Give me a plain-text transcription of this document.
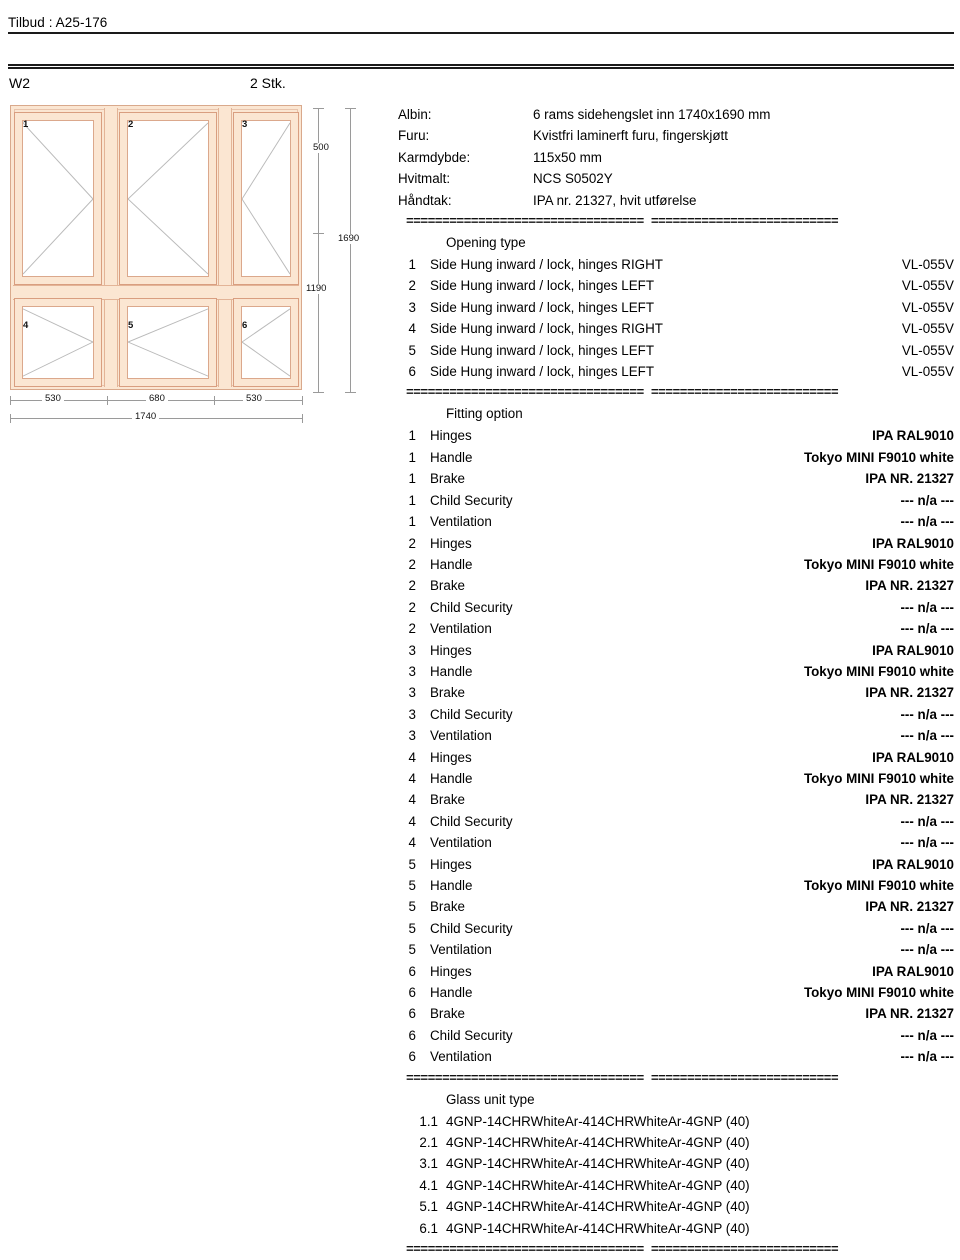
Tilbud : A25-176
W2	2 Stk.
1	2	3
4	5	6
530	680	530
1740
500
1190
1690
Albin:	6 rams sidehengslet inn 1740x1690 mm
Furu:	Kvistfri laminerft furu, fingerskjøtt
Karmdybde:	115x50 mm
Hvitmalt:	NCS S0502Y
Håndtak:	IPA nr. 21327, hvit utførelse
================================= ==========================
Opening type
1	Side Hung inward / lock, hinges RIGHT	VL-055V
2	Side Hung inward / lock, hinges LEFT	VL-055V
3	Side Hung inward / lock, hinges LEFT	VL-055V
4	Side Hung inward / lock, hinges RIGHT	VL-055V
5	Side Hung inward / lock, hinges LEFT	VL-055V
6	Side Hung inward / lock, hinges LEFT	VL-055V
================================= ==========================
Fitting option
1	Hinges	IPA RAL9010
1	Handle	Tokyo MINI F9010 white
1	Brake	IPA NR. 21327
1	Child Security	--- n/a ---
1	Ventilation	--- n/a ---
2	Hinges	IPA RAL9010
2	Handle	Tokyo MINI F9010 white
2	Brake	IPA NR. 21327
2	Child Security	--- n/a ---
2	Ventilation	--- n/a ---
3	Hinges	IPA RAL9010
3	Handle	Tokyo MINI F9010 white
3	Brake	IPA NR. 21327
3	Child Security	--- n/a ---
3	Ventilation	--- n/a ---
4	Hinges	IPA RAL9010
4	Handle	Tokyo MINI F9010 white
4	Brake	IPA NR. 21327
4	Child Security	--- n/a ---
4	Ventilation	--- n/a ---
5	Hinges	IPA RAL9010
5	Handle	Tokyo MINI F9010 white
5	Brake	IPA NR. 21327
5	Child Security	--- n/a ---
5	Ventilation	--- n/a ---
6	Hinges	IPA RAL9010
6	Handle	Tokyo MINI F9010 white
6	Brake	IPA NR. 21327
6	Child Security	--- n/a ---
6	Ventilation	--- n/a ---
================================= ==========================
Glass unit type
1.1 4GNP-14CHRWhiteAr-414CHRWhiteAr-4GNP (40)
2.1 4GNP-14CHRWhiteAr-414CHRWhiteAr-4GNP (40)
3.1 4GNP-14CHRWhiteAr-414CHRWhiteAr-4GNP (40)
4.1 4GNP-14CHRWhiteAr-414CHRWhiteAr-4GNP (40)
5.1 4GNP-14CHRWhiteAr-414CHRWhiteAr-4GNP (40)
6.1 4GNP-14CHRWhiteAr-414CHRWhiteAr-4GNP (40)
================================= ==========================
